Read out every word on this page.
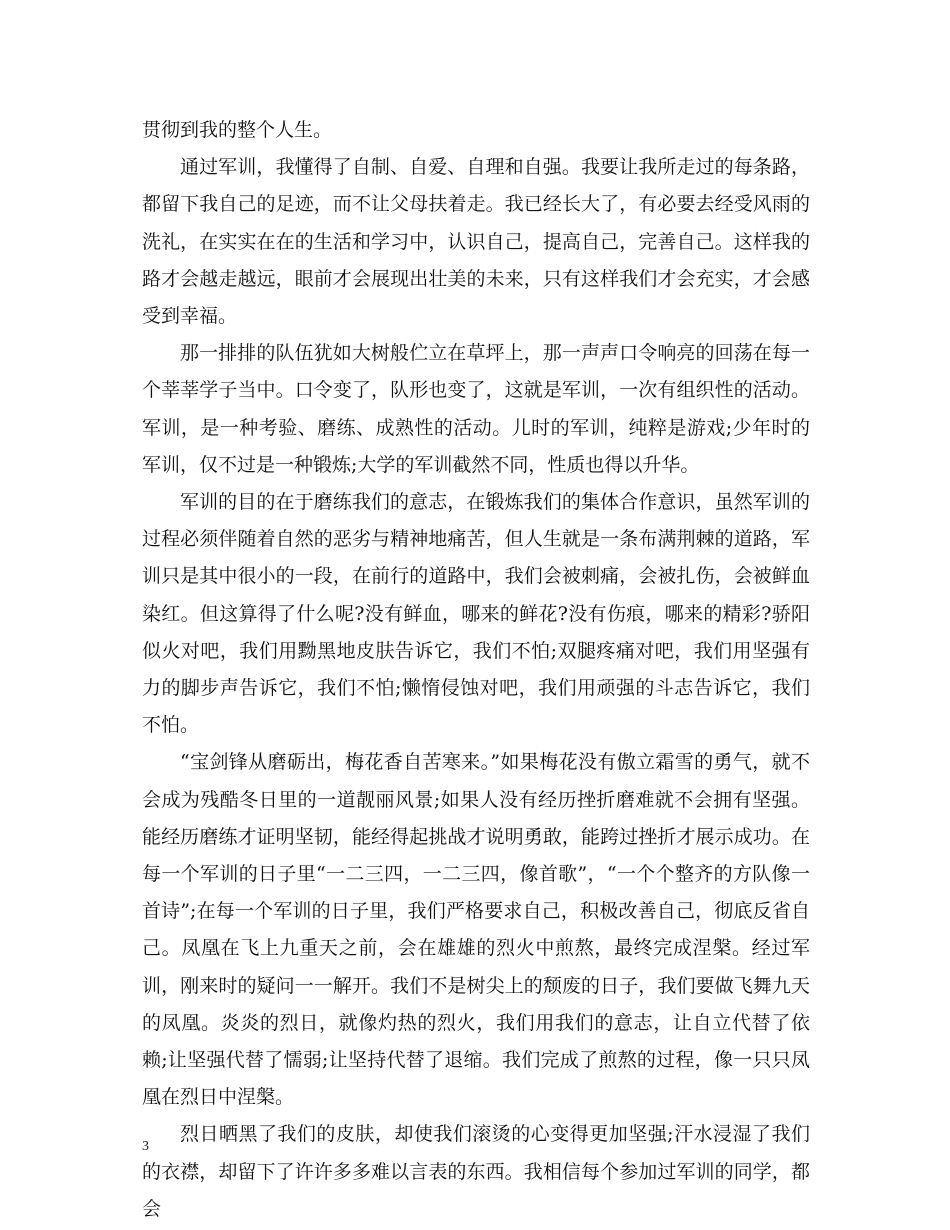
贯彻到我的整个人生。

通过军训，我懂得了自制、自爱、自理和自强。我要让我所走过的每条路，都留下我自己的足迹，而不让父母扶着走。我已经长大了，有必要去经受风雨的洗礼，在实实在在的生活和学习中，认识自己，提高自己，完善自己。这样我的路才会越走越远，眼前才会展现出壮美的未来，只有这样我们才会充实，才会感受到幸福。

那一排排的队伍犹如大树般伫立在草坪上，那一声声口令响亮的回荡在每一个莘莘学子当中。口令变了，队形也变了，这就是军训，一次有组织性的活动。军训，是一种考验、磨练、成熟性的活动。儿时的军训，纯粹是游戏;少年时的军训，仅不过是一种锻炼;大学的军训截然不同，性质也得以升华。

军训的目的在于磨练我们的意志，在锻炼我们的集体合作意识，虽然军训的过程必须伴随着自然的恶劣与精神地痛苦，但人生就是一条布满荆棘的道路，军训只是其中很小的一段，在前行的道路中，我们会被刺痛，会被扎伤，会被鲜血染红。但这算得了什么呢?没有鲜血，哪来的鲜花?没有伤痕，哪来的精彩?骄阳似火对吧，我们用黝黑地皮肤告诉它，我们不怕;双腿疼痛对吧，我们用坚强有力的脚步声告诉它，我们不怕;懒惰侵蚀对吧，我们用顽强的斗志告诉它，我们不怕。

“宝剑锋从磨砺出，梅花香自苦寒来。”如果梅花没有傲立霜雪的勇气，就不会成为残酷冬日里的一道靓丽风景;如果人没有经历挫折磨难就不会拥有坚强。能经历磨练才证明坚韧，能经得起挑战才说明勇敢，能跨过挫折才展示成功。在每一个军训的日子里“一二三四，一二三四，像首歌”，“一个个整齐的方队像一首诗”;在每一个军训的日子里，我们严格要求自己，积极改善自己，彻底反省自己。凤凰在飞上九重天之前，会在雄雄的烈火中煎熬，最终完成涅槃。经过军训，刚来时的疑问一一解开。我们不是树尖上的颓废的日子，我们要做飞舞九天的凤凰。炎炎的烈日，就像灼热的烈火，我们用我们的意志，让自立代替了依赖;让坚强代替了懦弱;让坚持代替了退缩。我们完成了煎熬的过程，像一只只凤凰在烈日中涅槃。

烈日晒黑了我们的皮肤，却使我们滚烫的心变得更加坚强;汗水浸湿了我们的衣襟，却留下了许许多多难以言表的东西。我相信每个参加过军训的同学，都会

3
